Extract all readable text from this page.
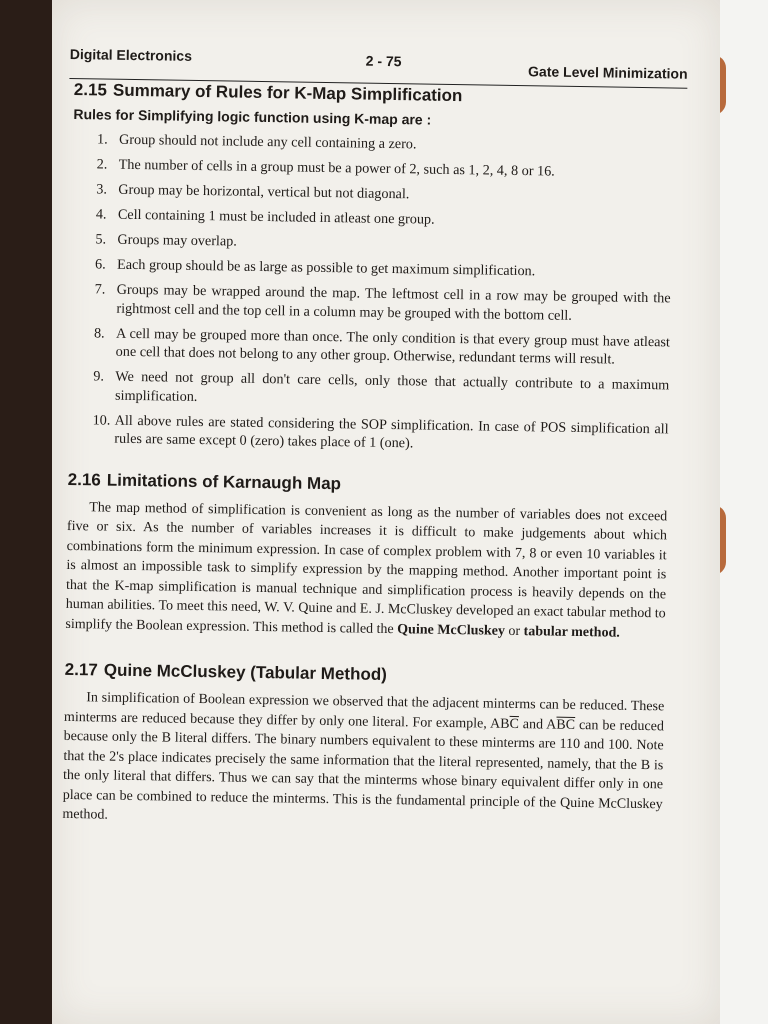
Digital Electronics	2 - 75
Gate Level Minimization
2.15 Summary of Rules for K-Map Simplification
Rules for Simplifying logic function using K-map are :
1. Group should not include any cell containing a zero.
2. The number of cells in a group must be a power of 2, such as 1, 2, 4, 8 or 16.
3. Group may be horizontal, vertical but not diagonal.
4. Cell containing 1 must be included in atleast one group.
5. Groups may overlap.
6. Each group should be as large as possible to get maximum simplification.
7. Groups may be wrapped around the map. The leftmost cell in a row may be grouped with the rightmost cell and the top cell in a column may be grouped with the bottom cell.
8. A cell may be grouped more than once. The only condition is that every group must have atleast one cell that does not belong to any other group. Otherwise, redundant terms will result.
9. We need not group all don't care cells, only those that actually contribute to a maximum simplification.
10. All above rules are stated considering the SOP simplification. In case of POS simplification all rules are same except 0 (zero) takes place of 1 (one).
2.16 Limitations of Karnaugh Map

The map method of simplification is convenient as long as the number of variables does not exceed five or six. As the number of variables increases it is difficult to make judgements about which combinations form the minimum expression. In case of complex problem with 7, 8 or even 10 variables it is almost an impossible task to simplify expression by the mapping method. Another important point is that the K-map simplification is manual technique and simplification process is heavily depends on the human abilities. To meet this need, W. V. Quine and E. J. McCluskey developed an exact tabular method to simplify the Boolean expression. This method is called the Quine McCluskey or tabular method.

2.17 Quine McCluskey (Tabular Method)

In simplification of Boolean expression we observed that the adjacent minterms can be reduced. These minterms are reduced because they differ by only one literal. For example, $AB\overline{C}$ and $A\overline{BC}$ can be reduced because only the B literal differs. The binary numbers equivalent to these minterms are 110 and 100. Note that the 2's place indicates precisely the same information that the literal represented, namely, that the B is the only literal that differs. Thus we can say that the minterms whose binary equivalent differ only in one place can be combined to reduce the minterms. This is the fundamental principle of the Quine McCluskey method.
